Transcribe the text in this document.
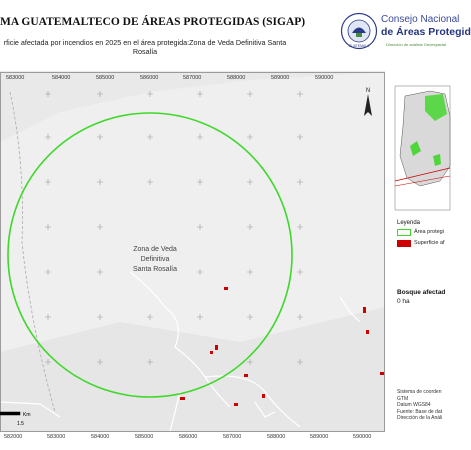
MA GUATEMALTECO DE ÁREAS PROTEGIDAS (SIGAP)
rficie afectada por incendios en 2025 en el área protegida:Zona de Veda Definitiva Santa Rosalía
GUATEMALA
Consejo Nacional
de Áreas Protegid
Dirección de análisis Geoespacial
Zona de Veda
Definitiva
Santa Rosalía
N
583000	584000	585000	586000	587000	588000	589000	590000
582000	583000	584000	585000	586000	587000	588000	589000	590000
Km
1.5
Leyenda
Área protegi
Superficie af
Bosque afectad
0 ha
Sistema de coorden
GTM
Datum WGS84
Fuente: Base de dat
Dirección de la Análi
